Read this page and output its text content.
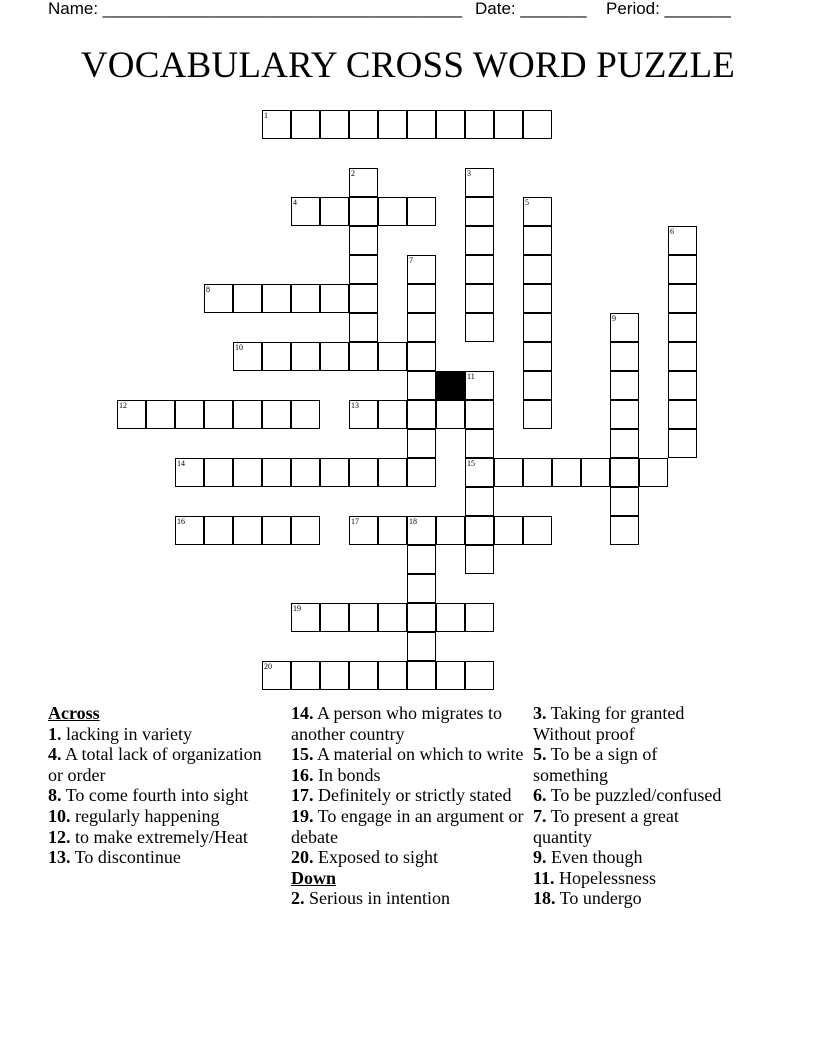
Name: ______________________________________ Date: _______ Period: _______
VOCABULARY CROSS WORD PUZZLE
1
2	3
4	5
6
7
8
9
10
11
12	13
14	15
16	17	18
19
20
Across
1. lacking in variety
4. A total lack of organization or order
8. To come fourth into sight
10. regularly happening
12. to make extremely/Heat
13. To discontinue
14. A person who migrates to another country
15. A material on which to write
16. In bonds
17. Definitely or strictly stated
19. To engage in an argument or debate
20. Exposed to sight
Down
2. Serious in intention
3. Taking for granted Without proof
5. To be a sign of something
6. To be puzzled/confused
7. To present a great quantity
9. Even though
11. Hopelessness
18. To undergo
